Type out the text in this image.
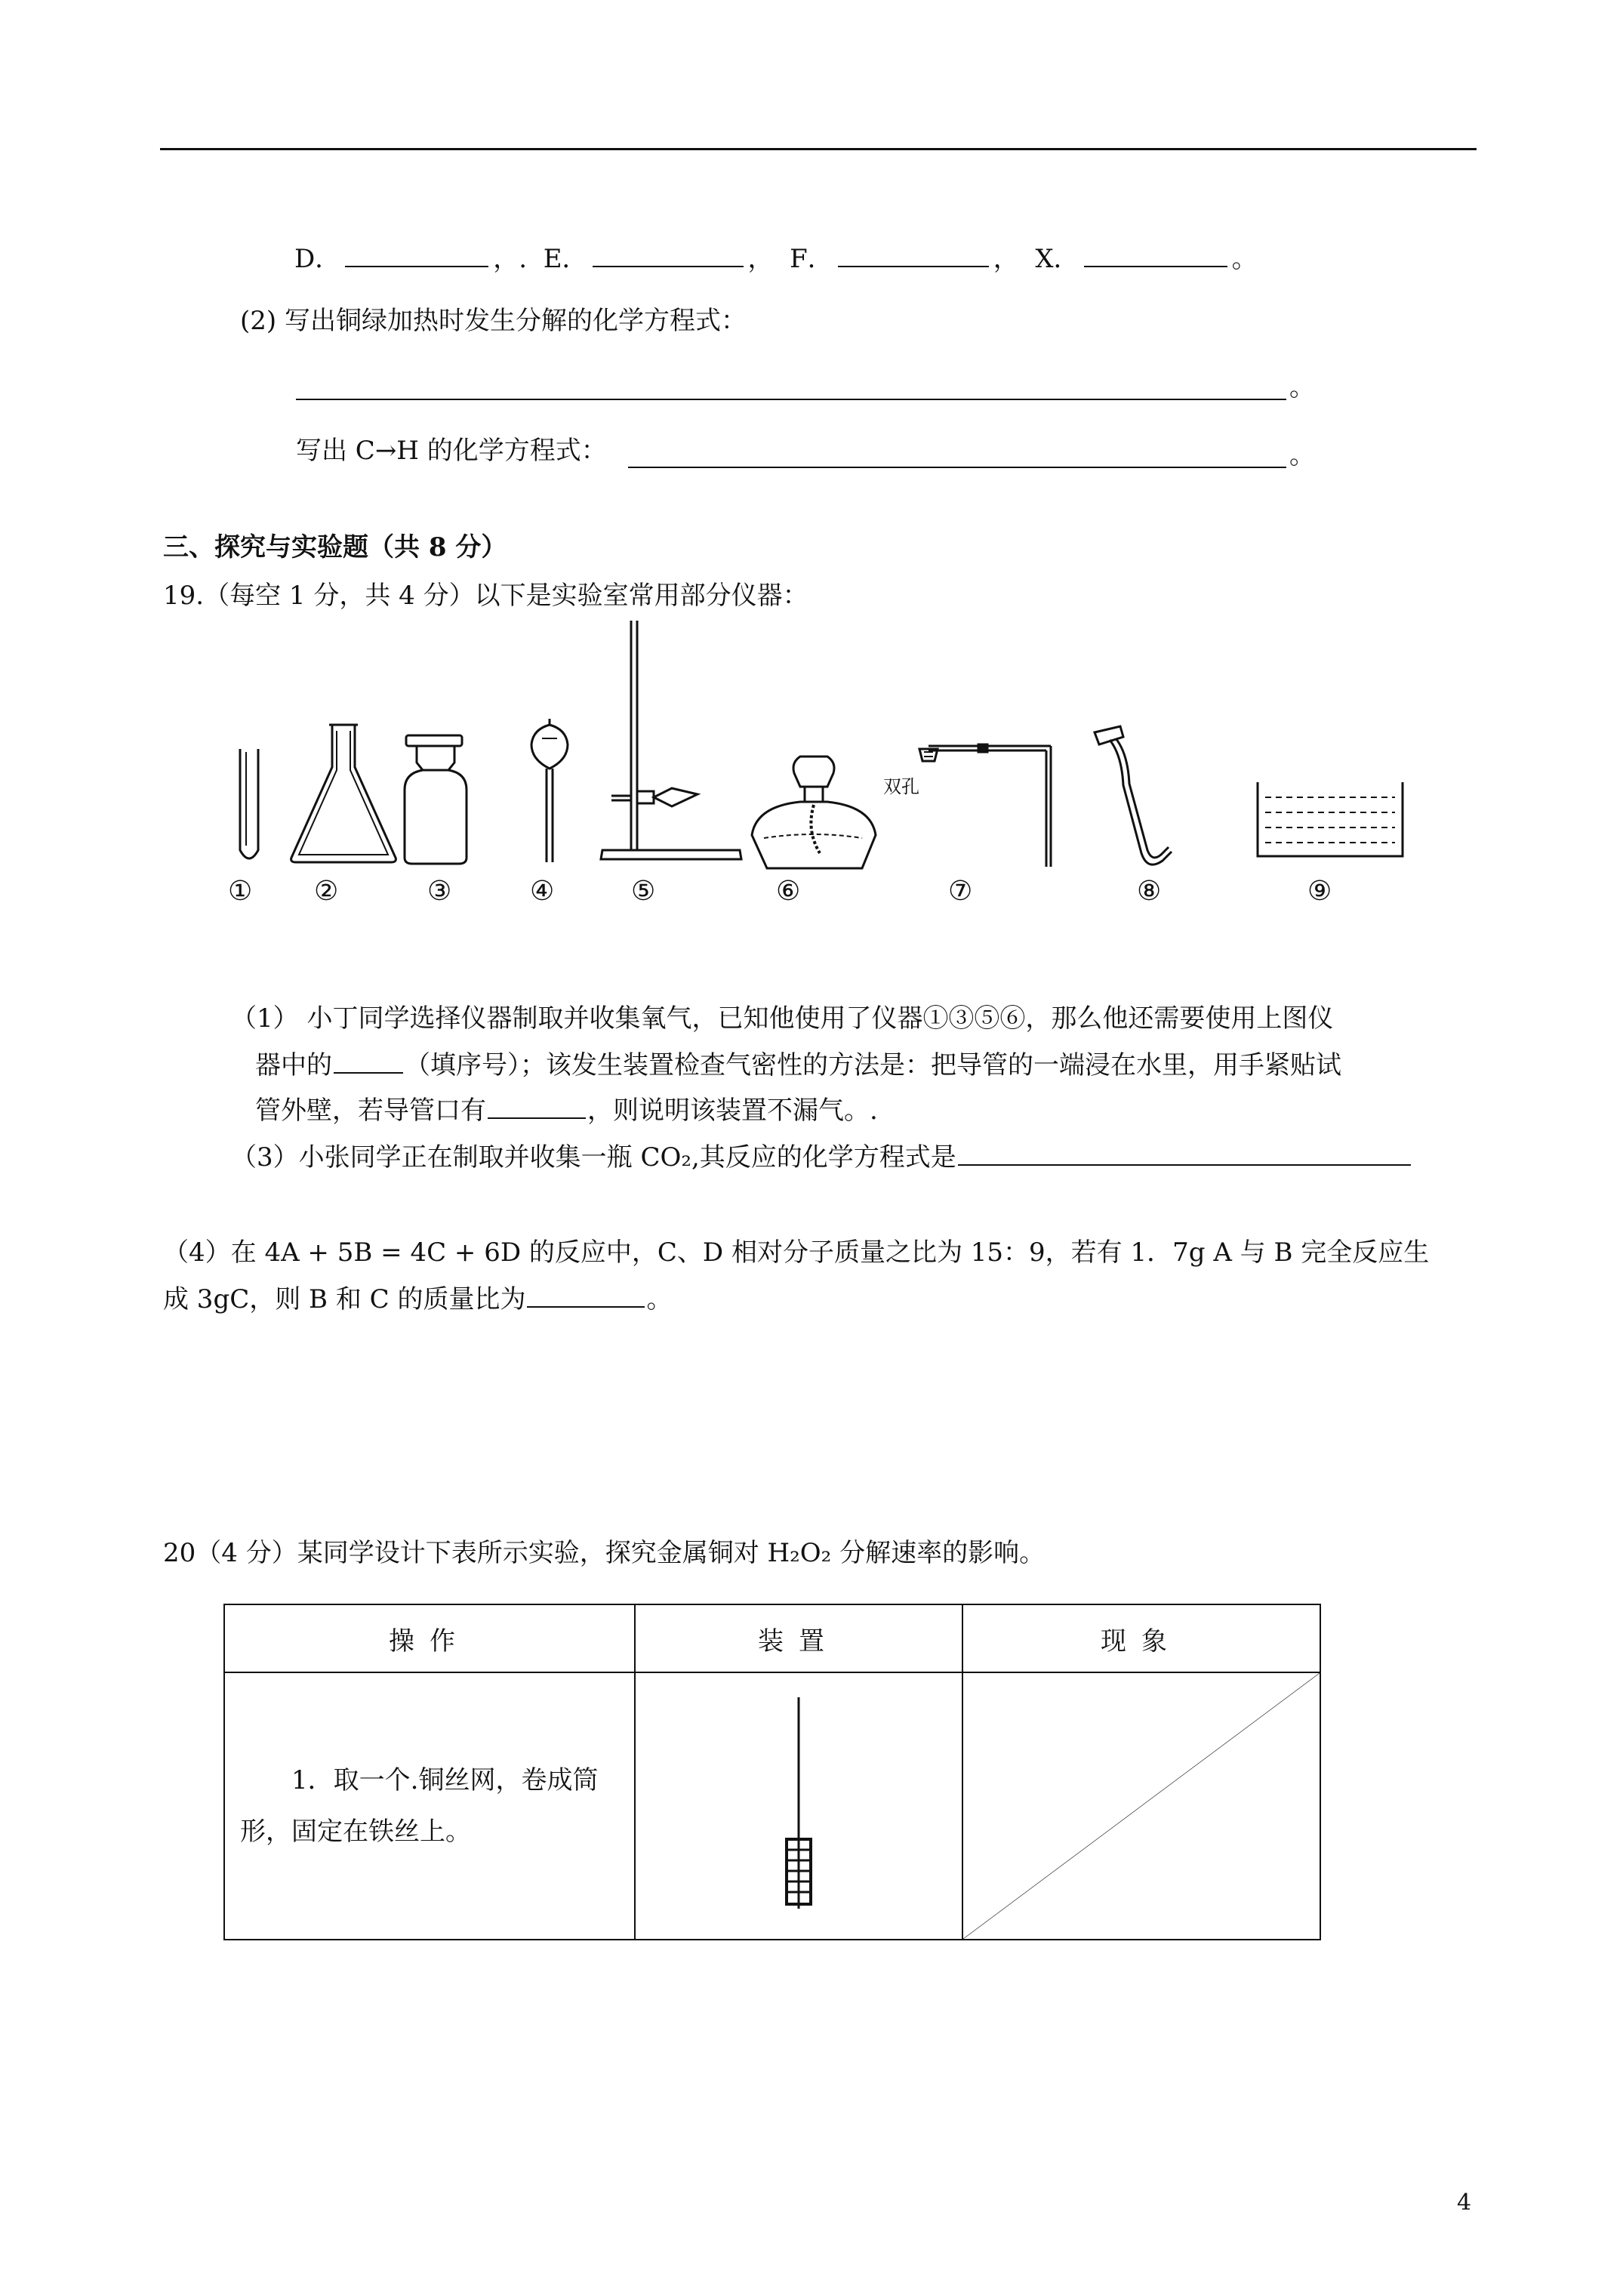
D．	，. E．	， F．	， X．	。
(2) 写出铜绿加热时发生分解的化学方程式：
。
写出 C→H 的化学方程式：	。
三、探究与实验题（共 8 分）
19.（每空 1 分，共 4 分）以下是实验室常用部分仪器：
双孔
① ②	③	④	⑤	⑥	⑦	⑧	⑨
（1） 小丁同学选择仪器制取并收集氧气，已知他使用了仪器①③⑤⑥，那么他还需要使用上图仪
器中的	（填序号）；该发生装置检查气密性的方法是：把导管的一端浸在水里，用手紧贴试
管外壁，若导管口有	，则说明该装置不漏气。.
（3）小张同学正在制取并收集一瓶 CO₂,其反应的化学方程式是
（4）在 4A + 5B = 4C + 6D 的反应中，C、D 相对分子质量之比为 15：9，若有 1．7g A 与 B 完全反应生
成 3gC，则 B 和 C 的质量比为	。
20（4 分）某同学设计下表所示实验，探究金属铜对 H₂O₂ 分解速率的影响。
操作	装置	现象

1．取一个.铜丝网，卷成筒形，固定在铁丝上。

4
